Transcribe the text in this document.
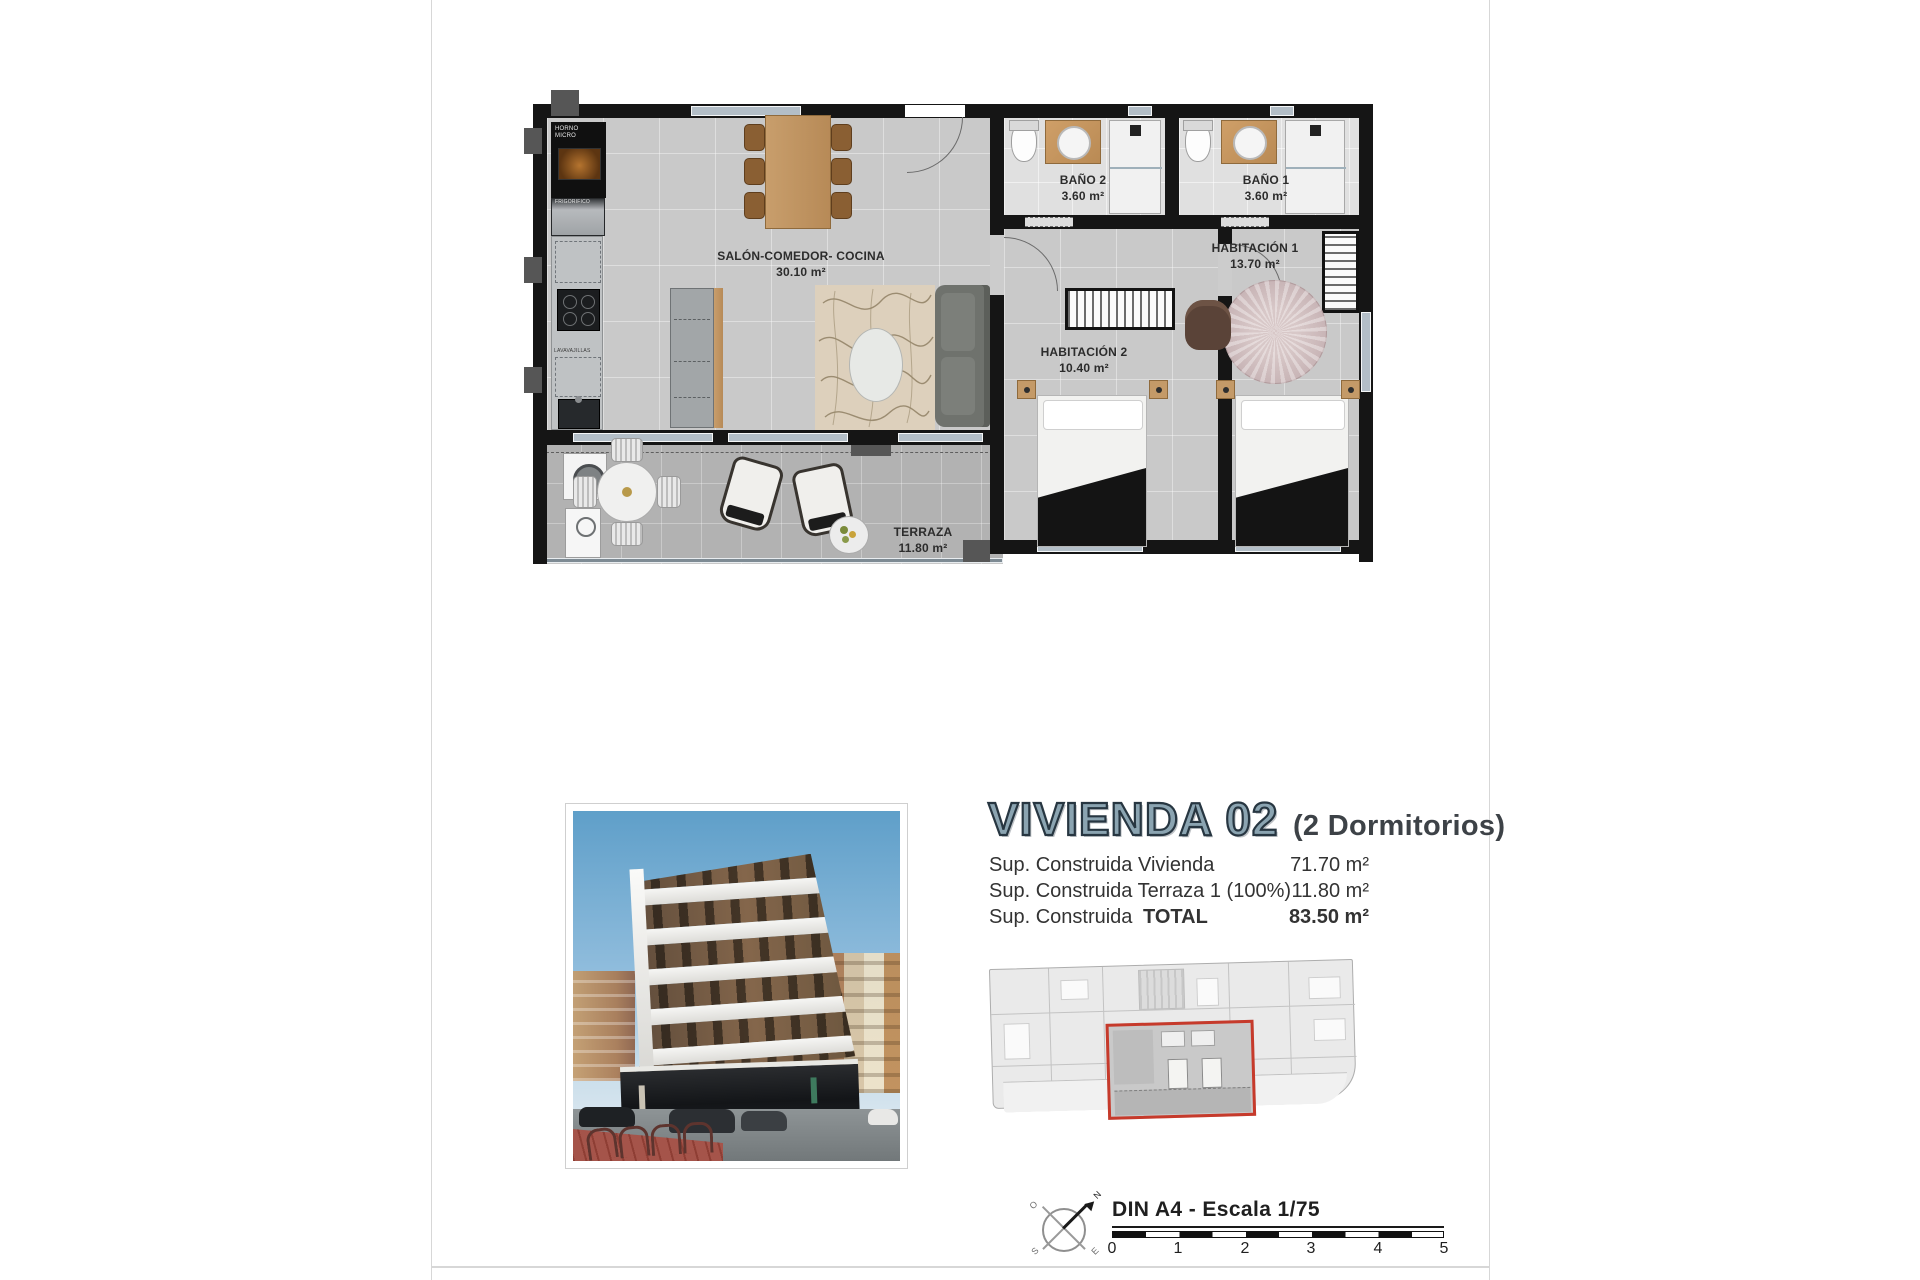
HORNO
MICRO
FRIGORIFICO
LAVAVAJILLAS
SALÓN-COMEDOR- COCINA
30.10 m²
BAÑO 2
3.60 m²
BAÑO 1
3.60 m²
HABITACIÓN 1
13.70 m²
HABITACIÓN 2
10.40 m²
TERRAZA
11.80 m²
VIVIENDA 02 (2 Dormitorios)
Sup. Construida Vivienda	71.70 m²
Sup. Construida Terraza 1 (100%) 11.80 m²
Sup. Construida TOTAL	83.50 m²
N
O
S	E
DIN A4 - Escala 1/75
0	1	2	3	4	5
